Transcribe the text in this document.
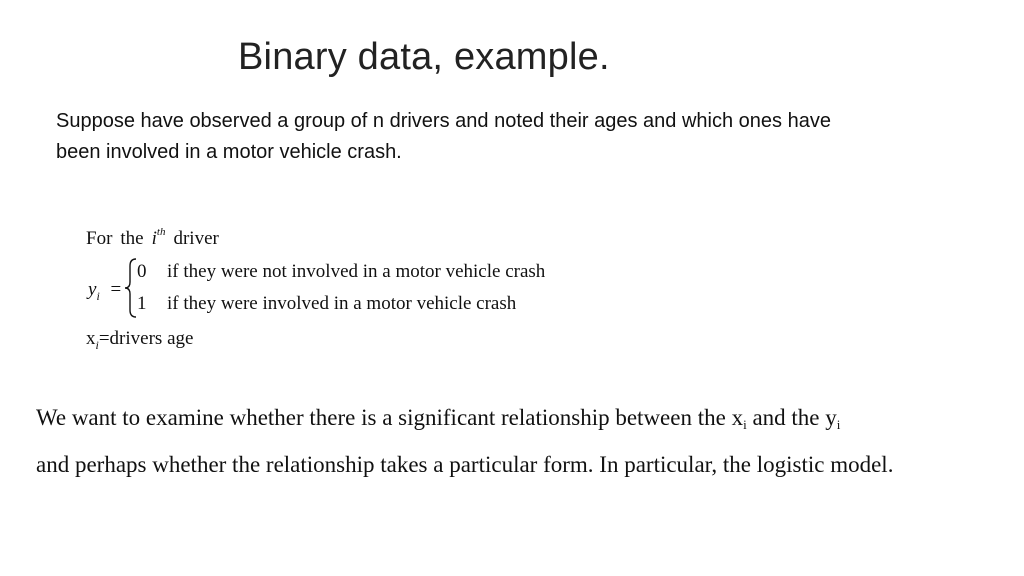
Binary data, example.
Suppose have observed a group of n drivers and noted their ages and which ones have been involved in a motor vehicle crash.
For the $i^{th}$ driver
$y_i$ =
0 if they were not involved in a motor vehicle crash
1 if they were involved in a motor vehicle crash
$x_i=drivers$ age
We want to examine whether there is a significant relationship between the xi and the yi
and perhaps whether the relationship takes a particular form. In particular, the logistic model.
